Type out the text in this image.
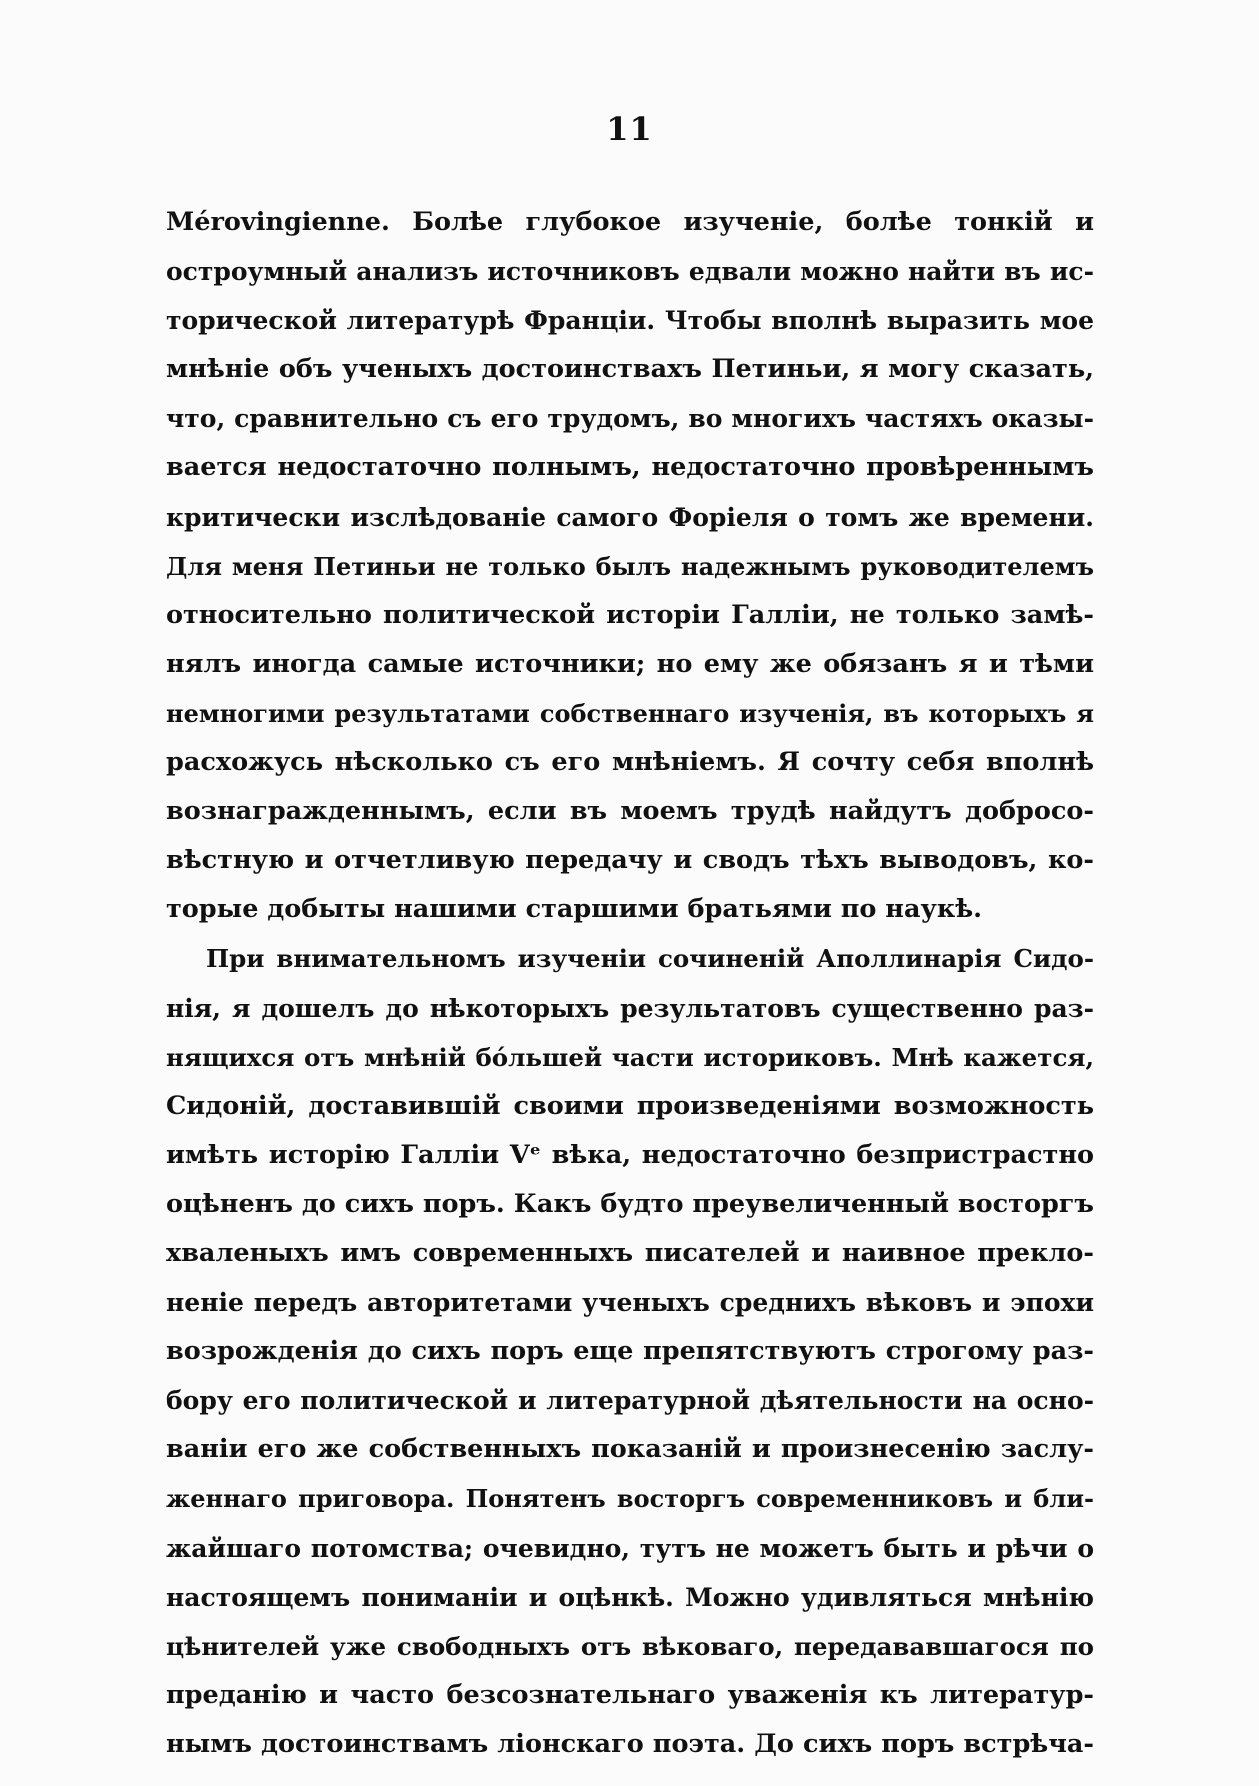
11
Mérovingienne. Болѣе глубокое изученіе, болѣе тонкій и
остроумный анализъ источниковъ едвали можно найти въ ис-
торической литературѣ Франціи. Чтобы вполнѣ выразить мое
мнѣніе объ ученыхъ достоинствахъ Петиньи, я могу сказать,
что, сравнительно съ его трудомъ, во многихъ частяхъ оказы-
вается недостаточно полнымъ, недостаточно провѣреннымъ
критически изслѣдованіе самого Форіеля о томъ же времени.
Для меня Петиньи не только былъ надежнымъ руководителемъ
относительно политической исторіи Галліи, не только замѣ-
нялъ иногда самые источники; но ему же обязанъ я и тѣми
немногими результатами собственнаго изученія, въ которыхъ я
расхожусь нѣсколько съ его мнѣніемъ. Я сочту себя вполнѣ
вознагражденнымъ, если въ моемъ трудѣ найдутъ добросо-
вѣстную и отчетливую передачу и сводъ тѣхъ выводовъ, ко-
торые добыты нашими старшими братьями по наукѣ.
При внимательномъ изученіи сочиненій Аполлинарія Сидо-
нія, я дошелъ до нѣкоторыхъ результатовъ существенно раз-
нящихся отъ мнѣній бо́льшей части историковъ. Мнѣ кажется,
Сидоній, доставившій своими произведеніями возможность
имѣть исторію Галліи Vᵉ вѣка, недостаточно безпристрастно
оцѣненъ до сихъ поръ. Какъ будто преувеличенный восторгъ
хваленыхъ имъ современныхъ писателей и наивное прекло-
неніе передъ авторитетами ученыхъ среднихъ вѣковъ и эпохи
возрожденія до сихъ поръ еще препятствуютъ строгому раз-
бору его политической и литературной дѣятельности на осно-
ваніи его же собственныхъ показаній и произнесенію заслу-
женнаго приговора. Понятенъ восторгъ современниковъ и бли-
жайшаго потомства; очевидно, тутъ не можетъ быть и рѣчи о
настоящемъ пониманіи и оцѣнкѣ. Можно удивляться мнѣнію
цѣнителей уже свободныхъ отъ вѣковаго, передававшагося по
преданію и часто безсознательнаго уваженія къ литератур-
нымъ достоинствамъ ліонскаго поэта. До сихъ поръ встрѣча-
